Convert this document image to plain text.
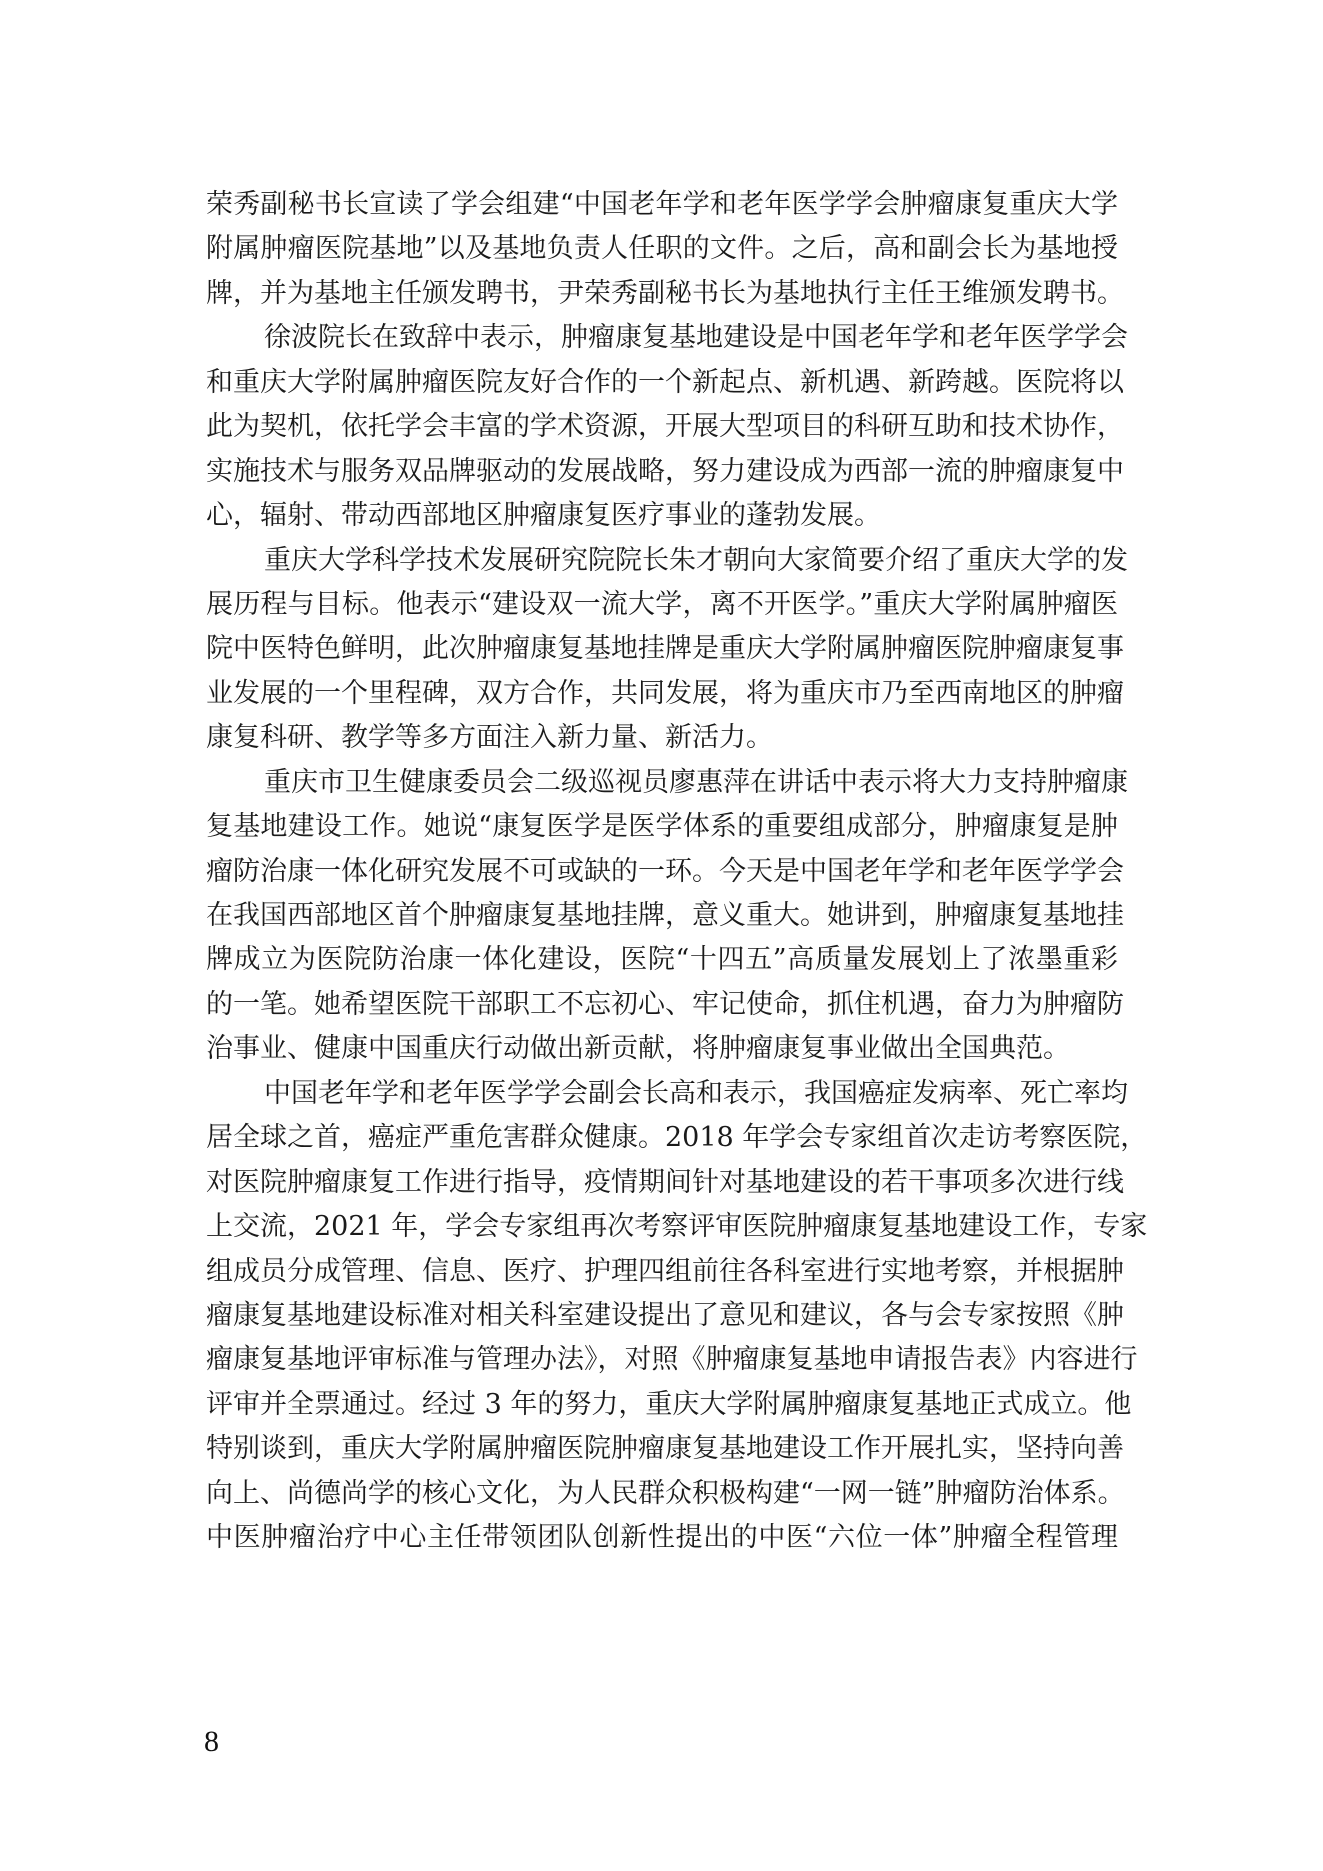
荣秀副秘书长宣读了学会组建“中国老年学和老年医学学会肿瘤康复重庆大学
附属肿瘤医院基地”以及基地负责人任职的文件。之后，高和副会长为基地授
牌，并为基地主任颁发聘书，尹荣秀副秘书长为基地执行主任王维颁发聘书。
徐波院长在致辞中表示，肿瘤康复基地建设是中国老年学和老年医学学会
和重庆大学附属肿瘤医院友好合作的一个新起点、新机遇、新跨越。医院将以
此为契机，依托学会丰富的学术资源，开展大型项目的科研互助和技术协作，
实施技术与服务双品牌驱动的发展战略，努力建设成为西部一流的肿瘤康复中
心，辐射、带动西部地区肿瘤康复医疗事业的蓬勃发展。
重庆大学科学技术发展研究院院长朱才朝向大家简要介绍了重庆大学的发
展历程与目标。他表示“建设双一流大学，离不开医学。”重庆大学附属肿瘤医
院中医特色鲜明，此次肿瘤康复基地挂牌是重庆大学附属肿瘤医院肿瘤康复事
业发展的一个里程碑，双方合作，共同发展，将为重庆市乃至西南地区的肿瘤
康复科研、教学等多方面注入新力量、新活力。
重庆市卫生健康委员会二级巡视员廖惠萍在讲话中表示将大力支持肿瘤康
复基地建设工作。她说“康复医学是医学体系的重要组成部分，肿瘤康复是肿
瘤防治康一体化研究发展不可或缺的一环。今天是中国老年学和老年医学学会
在我国西部地区首个肿瘤康复基地挂牌，意义重大。她讲到，肿瘤康复基地挂
牌成立为医院防治康一体化建设，医院“十四五”高质量发展划上了浓墨重彩
的一笔。她希望医院干部职工不忘初心、牢记使命，抓住机遇，奋力为肿瘤防
治事业、健康中国重庆行动做出新贡献，将肿瘤康复事业做出全国典范。
中国老年学和老年医学学会副会长高和表示，我国癌症发病率、死亡率均
居全球之首，癌症严重危害群众健康。2018 年学会专家组首次走访考察医院，
对医院肿瘤康复工作进行指导，疫情期间针对基地建设的若干事项多次进行线
上交流，2021 年，学会专家组再次考察评审医院肿瘤康复基地建设工作，专家
组成员分成管理、信息、医疗、护理四组前往各科室进行实地考察，并根据肿
瘤康复基地建设标准对相关科室建设提出了意见和建议，各与会专家按照《肿
瘤康复基地评审标准与管理办法》，对照《肿瘤康复基地申请报告表》内容进行
评审并全票通过。经过 3 年的努力，重庆大学附属肿瘤康复基地正式成立。他
特别谈到，重庆大学附属肿瘤医院肿瘤康复基地建设工作开展扎实，坚持向善
向上、尚德尚学的核心文化，为人民群众积极构建“一网一链”肿瘤防治体系。
中医肿瘤治疗中心主任带领团队创新性提出的中医“六位一体”肿瘤全程管理
8
